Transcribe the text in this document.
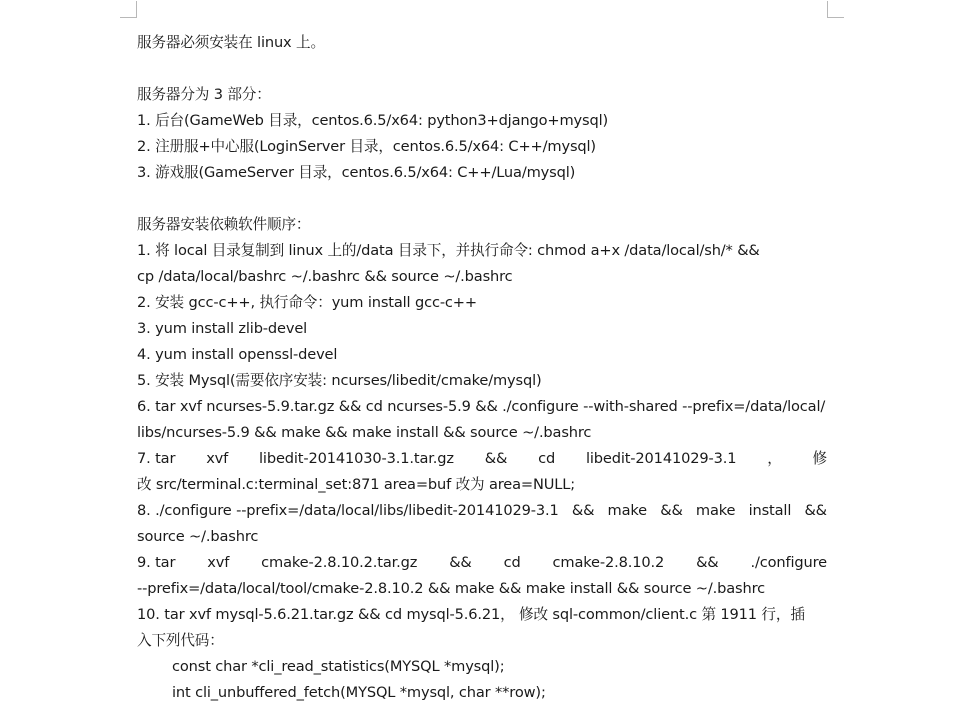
服务器必须安装在 linux 上。
服务器分为 3 部分：
1. 后台(GameWeb 目录，centos.6.5/x64: python3+django+mysql)
2. 注册服+中心服(LoginServer 目录，centos.6.5/x64: C++/mysql)
3. 游戏服(GameServer 目录，centos.6.5/x64: C++/Lua/mysql)
服务器安装依赖软件顺序：
1. 将 local 目录复制到 linux 上的/data 目录下，并执行命令: chmod a+x /data/local/sh/* &&
cp /data/local/bashrc ~/.bashrc && source ~/.bashrc
2. 安装 gcc-c++, 执行命令：yum install gcc-c++
3. yum install zlib-devel
4. yum install openssl-devel
5. 安装 Mysql(需要依序安装: ncurses/libedit/cmake/mysql)
6. tar xvf ncurses-5.9.tar.gz && cd ncurses-5.9 && ./configure --with-shared --prefix=/data/local/
libs/ncurses-5.9 && make && make install && source ~/.bashrc
7. tar xvf libedit-20141030-3.1.tar.gz && cd libedit-20141029-3.1 ， 修
改 src/terminal.c:terminal_set:871 area=buf 改为 area=NULL;
8. ./configure --prefix=/data/local/libs/libedit-20141029-3.1 && make && make install &&
source ~/.bashrc
9. tar xvf cmake-2.8.10.2.tar.gz && cd cmake-2.8.10.2 && ./configure
--prefix=/data/local/tool/cmake-2.8.10.2 && make && make install && source ~/.bashrc
10. tar xvf mysql-5.6.21.tar.gz && cd mysql-5.6.21， 修改 sql-common/client.c 第 1911 行，插
入下列代码：
const char *cli_read_statistics(MYSQL *mysql);
int cli_unbuffered_fetch(MYSQL *mysql, char **row);
